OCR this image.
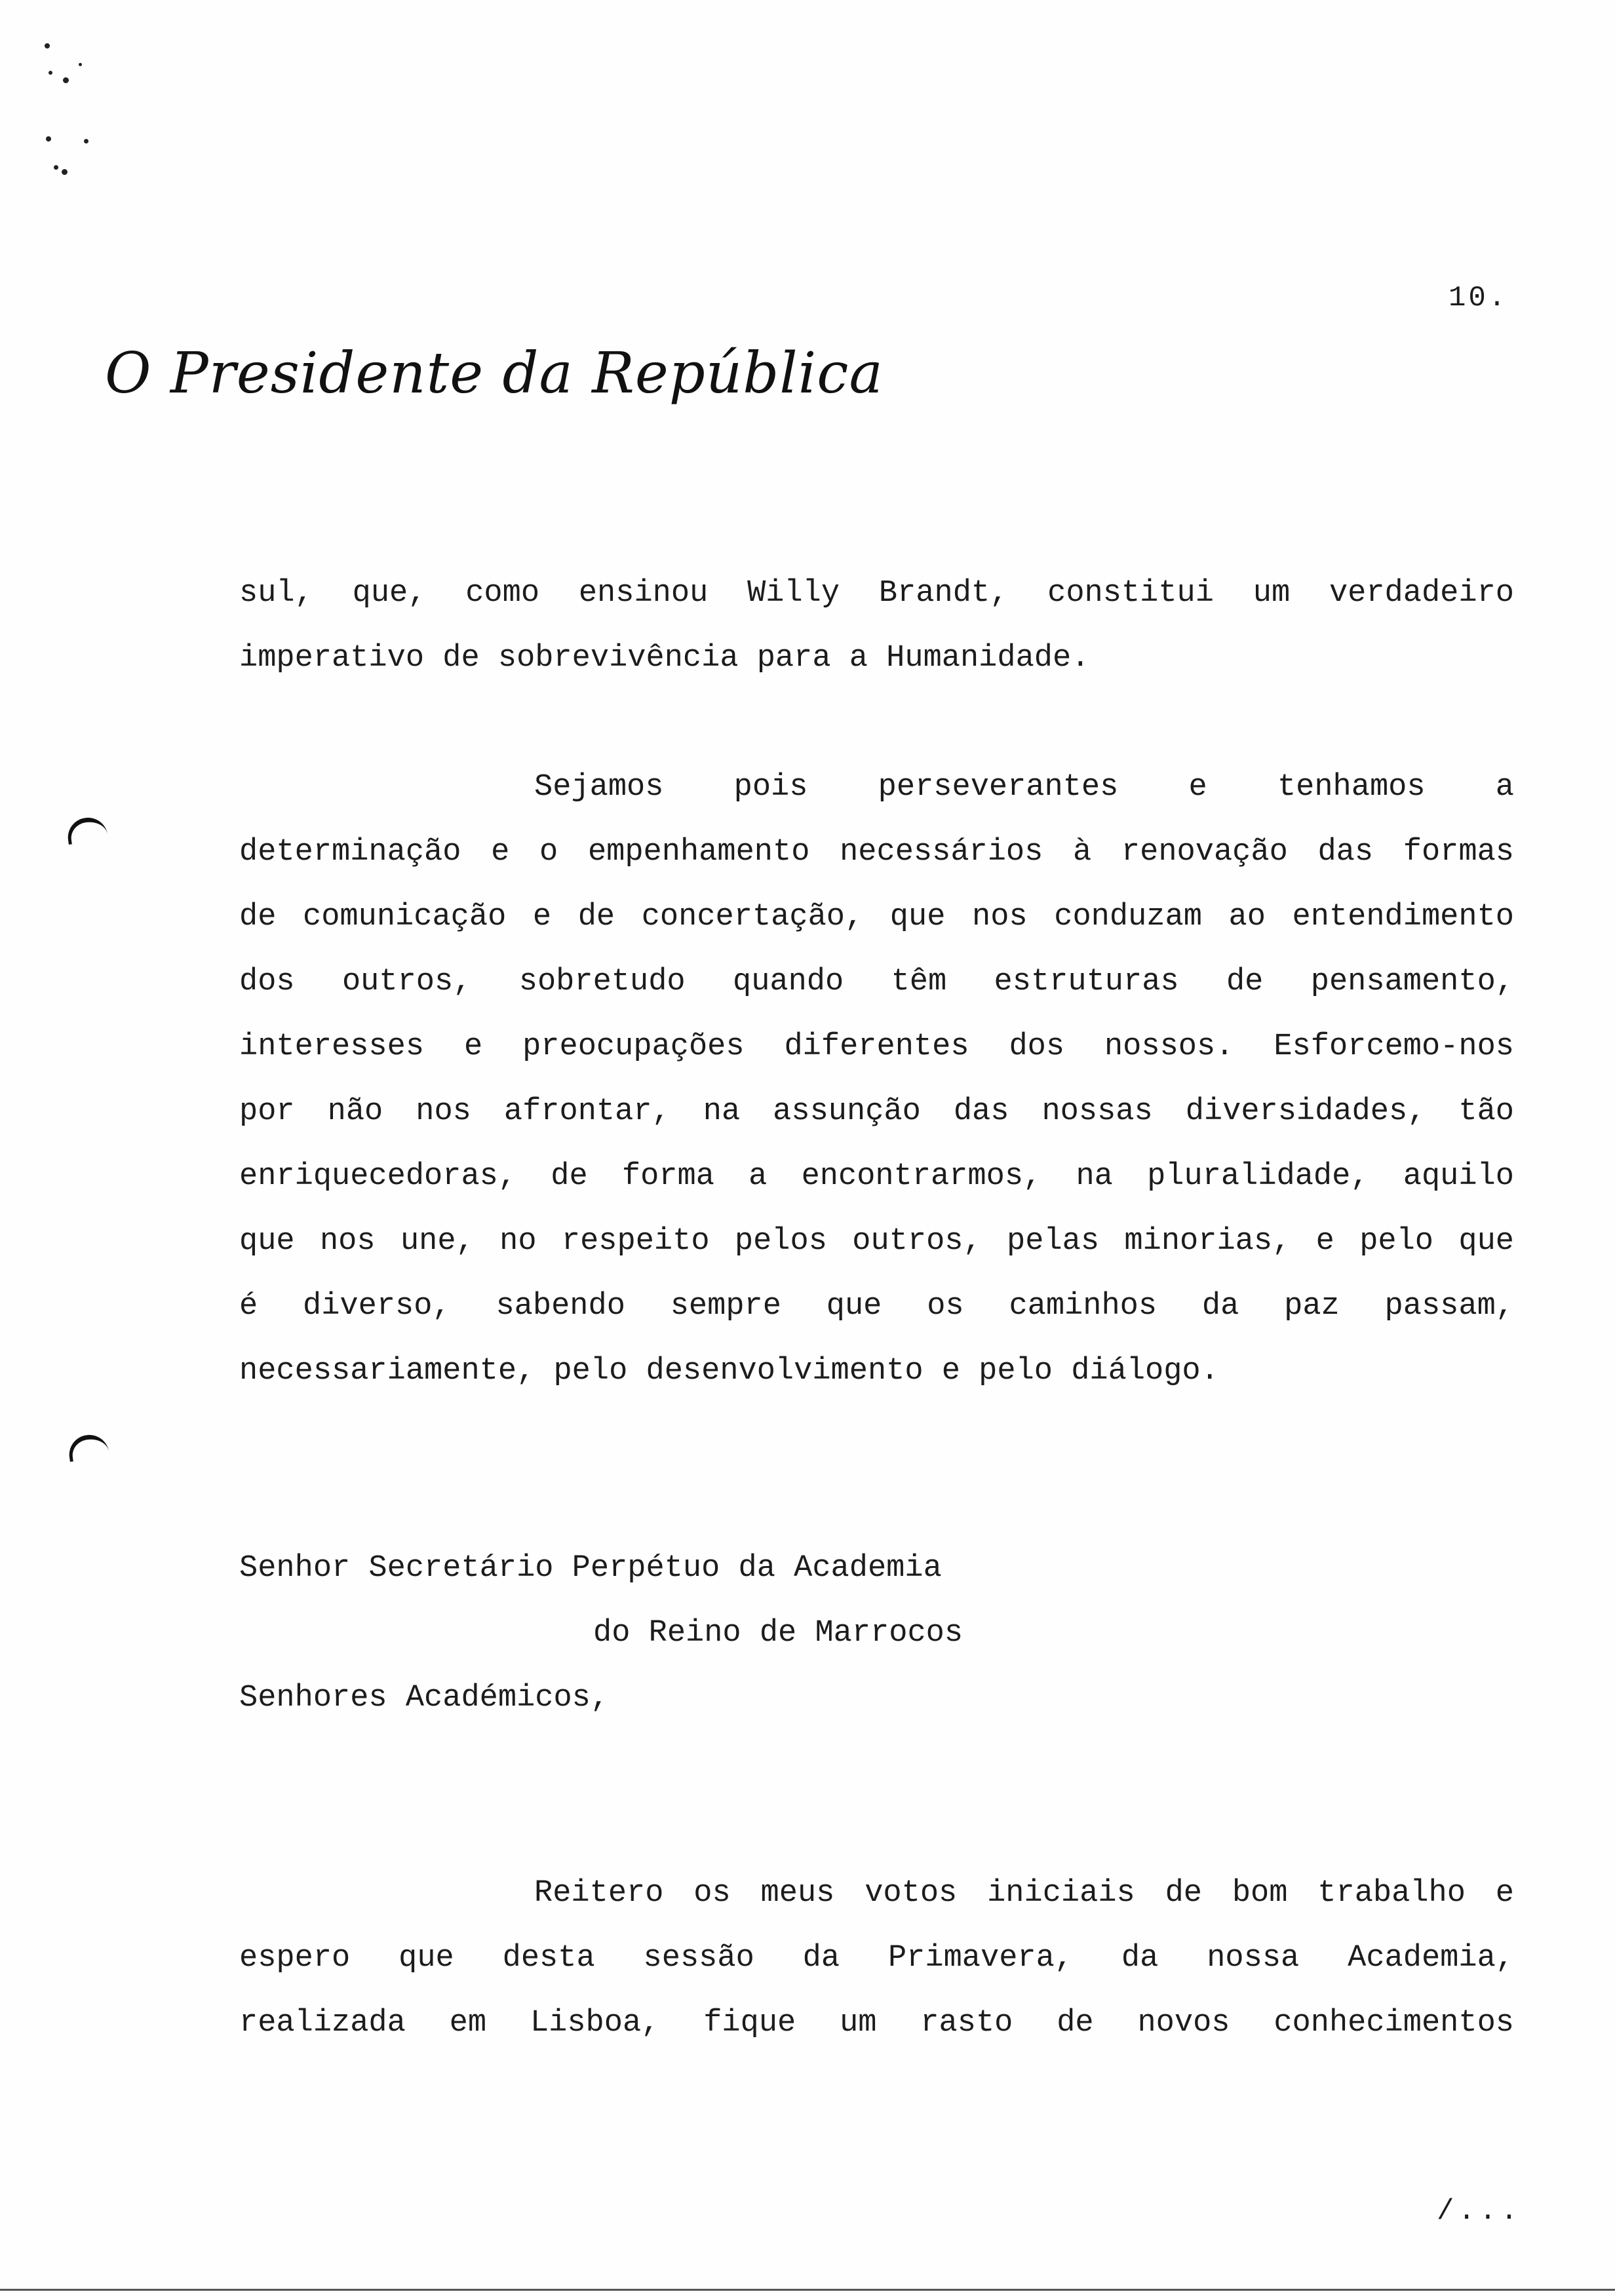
10.
O Presidente da República
sul, que, como ensinou Willy Brandt, constitui um verdadeiro
imperativo de sobrevivência para a Humanidade.
Sejamos pois perseverantes e tenhamos a
determinação e o empenhamento necessários à renovação das formas
de comunicação e de concertação, que nos conduzam ao entendimento
dos outros, sobretudo quando têm estruturas de pensamento,
interesses e preocupações diferentes dos nossos. Esforcemo-nos
por não nos afrontar, na assunção das nossas diversidades, tão
enriquecedoras, de forma a encontrarmos, na pluralidade, aquilo
que nos une, no respeito pelos outros, pelas minorias, e pelo que
é diverso, sabendo sempre que os caminhos da paz passam,
necessariamente, pelo desenvolvimento e pelo diálogo.
Senhor Secretário Perpétuo da Academia
do Reino de Marrocos
Senhores Académicos,
Reitero os meus votos iniciais de bom trabalho e
espero que desta sessão da Primavera, da nossa Academia,
realizada em Lisboa, fique um rasto de novos conhecimentos
/...
